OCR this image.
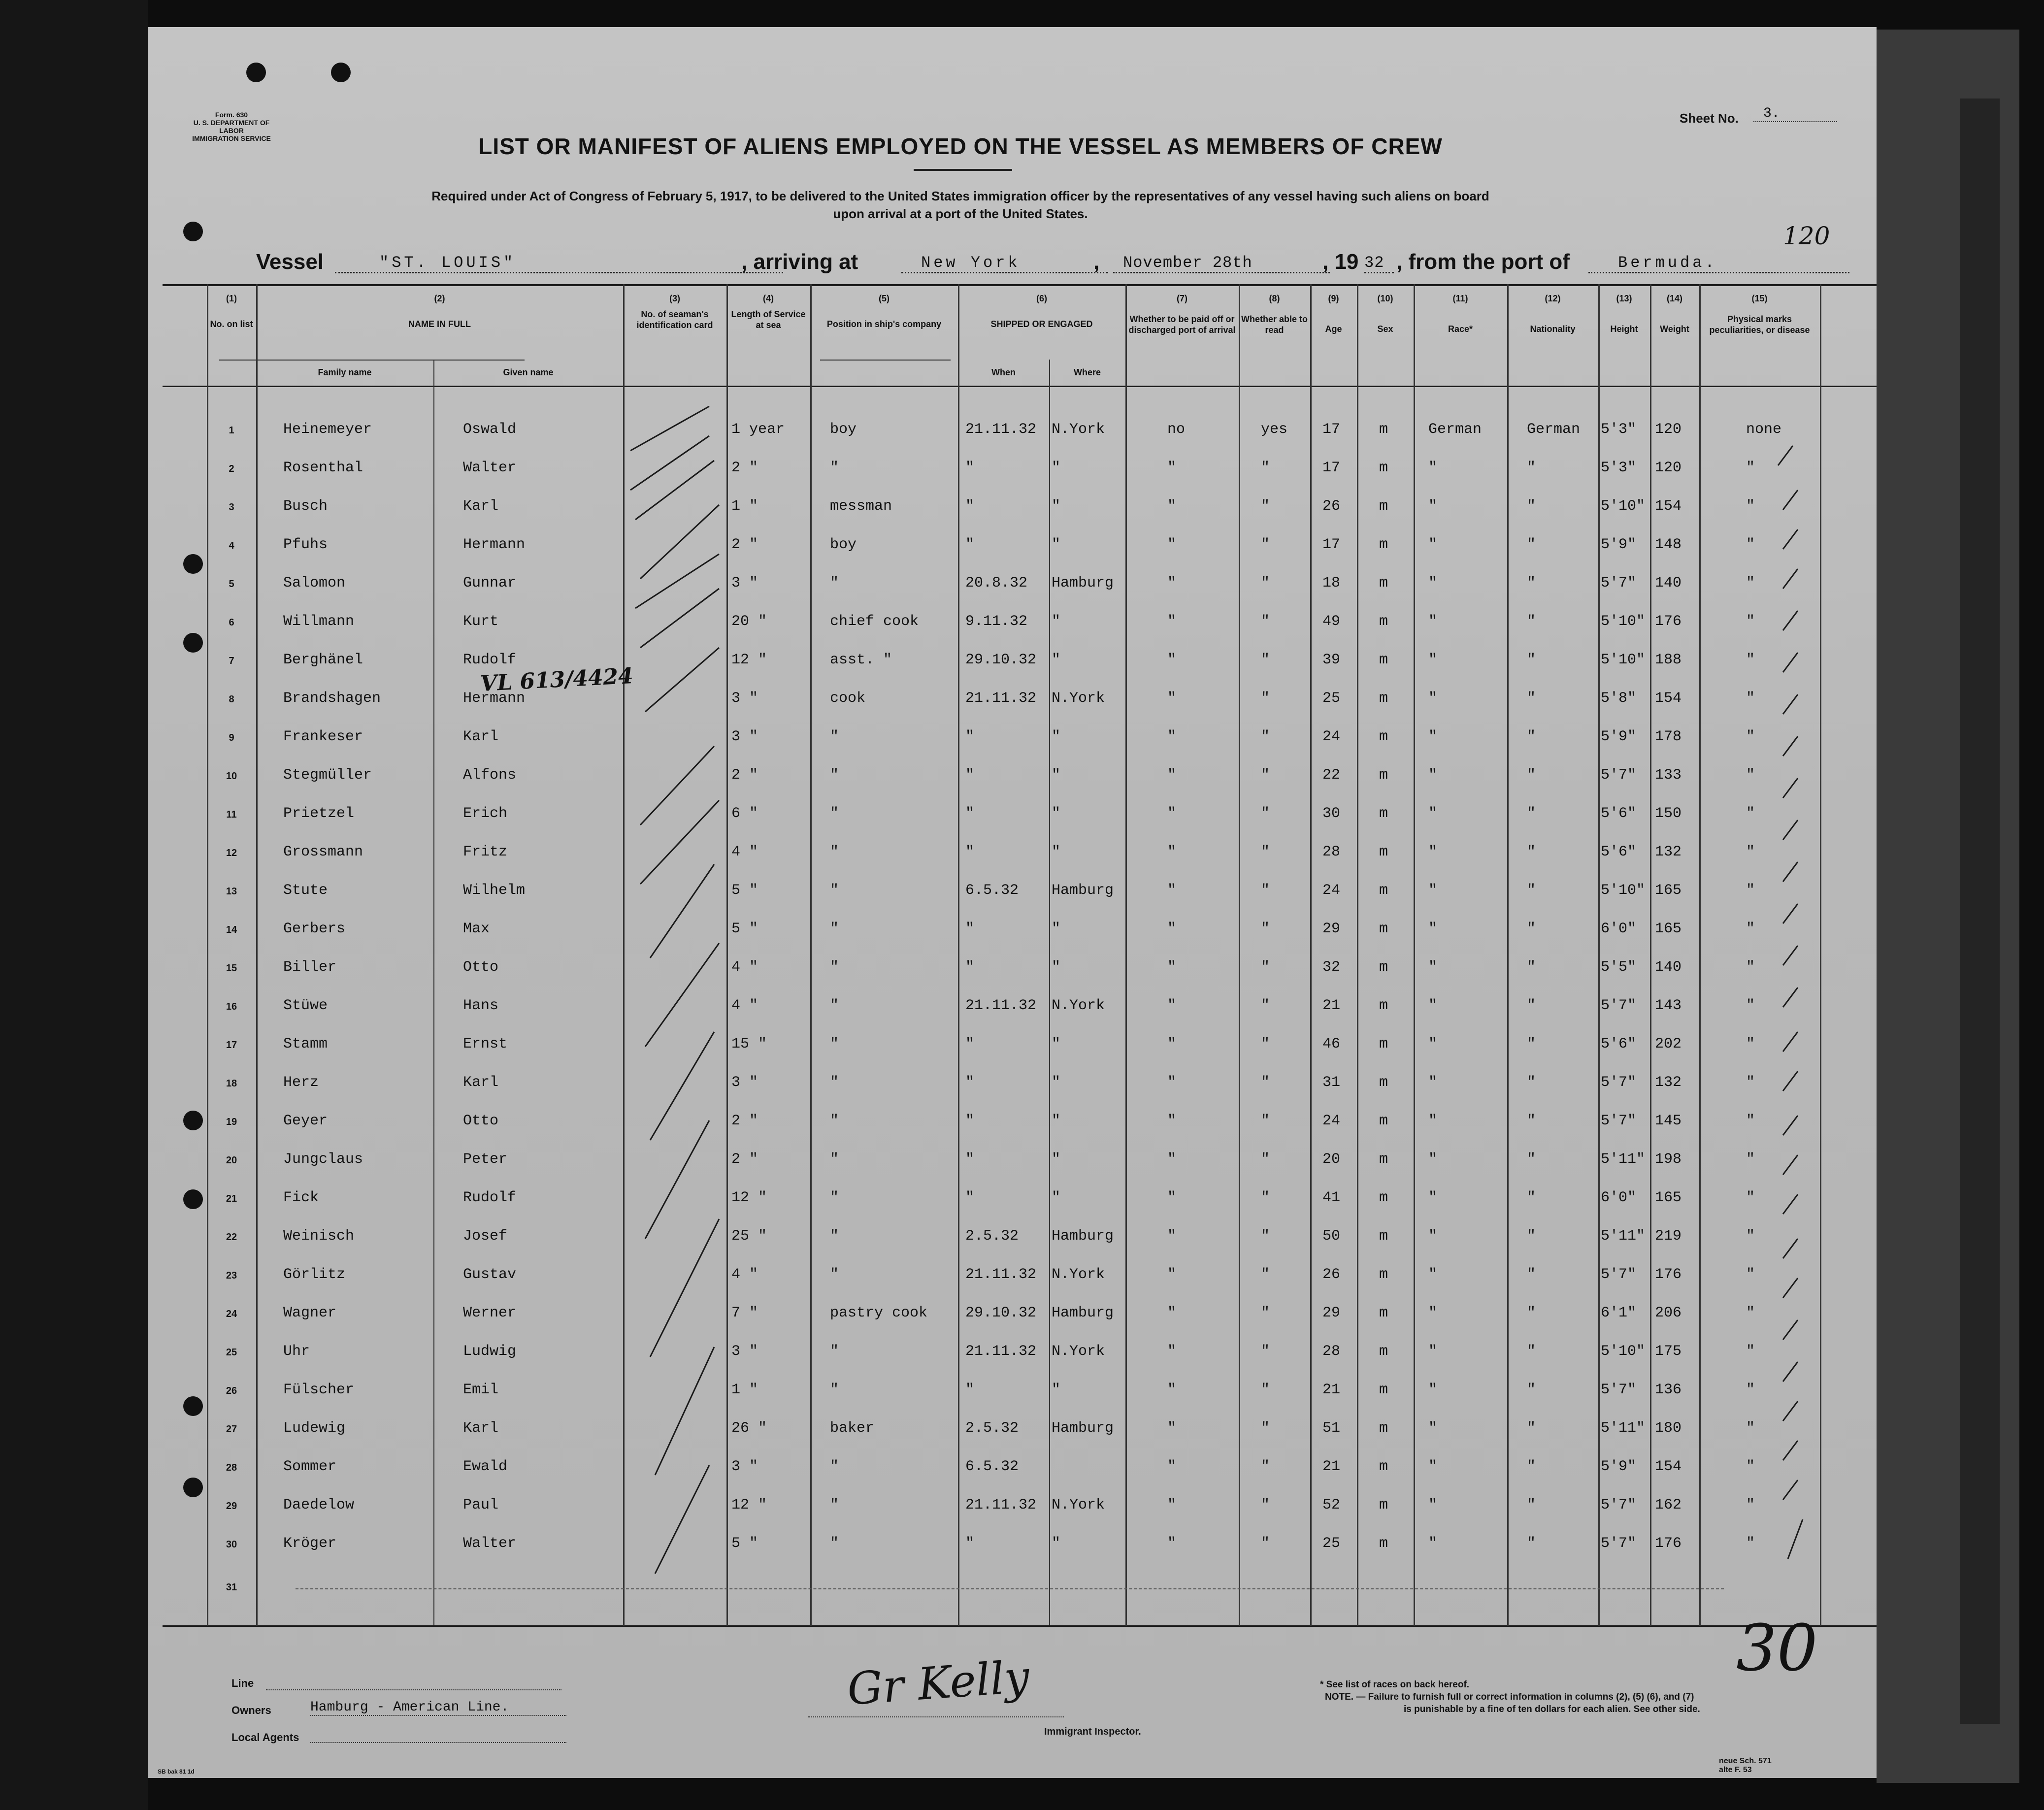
Form. 630
U. S. DEPARTMENT OF LABOR
IMMIGRATION SERVICE
Sheet No.	3.
LIST OR MANIFEST OF ALIENS EMPLOYED ON THE VESSEL AS MEMBERS OF CREW
Required under Act of Congress of February 5, 1917, to be delivered to the United States immigration officer by the representatives of any vessel having such aliens on board
upon arrival at a port of the United States.
120
Vessel	"ST. LOUIS"	, arriving at	New York	,	November 28th	, 19 32 , from the port of	Bermuda.
(1)
No. on list
(2)
NAME IN FULL
Family name	Given name
(3)
No. of seaman's identification card
(4)
Length of Service at sea
(5)
Position in ship's company
(6)
SHIPPED OR ENGAGED
When	Where
(7)
Whether to be paid off or discharged port of arrival
(8)
Whether able to read
(9)
Age
(10)
Sex
(11)
Race*
(12)
Nationality
(13)
Height
(14)
Weight
(15)
Physical marks peculiarities, or disease
1	Heinemeyer	Oswald	1 year	boy	21.11.32 N.York	no	yes 17	m	German	German 5'3" 120	none
2	Rosenthal	Walter	2 "	"	"	"	"	"	17	m	"	"	5'3" 120	"
3	Busch	Karl	1 "	messman	"	"	"	"	26	m	"	"	5'10" 154	"
4	Pfuhs	Hermann	2 "	boy	"	"	"	"	17	m	"	"	5'9" 148	"
5	Salomon	Gunnar	3 "	"	20.8.32 Hamburg	"	"	18	m	"	"	5'7" 140	"
6	Willmann	Kurt	20 "	chief cook	9.11.32 "	"	"	49	m	"	"	5'10" 176	"
7	Berghänel	Rudolf	12 "	asst. "	29.10.32 "	"	"	39	m	"	"	5'10" 188	"
8	Brandshagen	Hermann	3 "	cook	21.11.32 N.York	"	"	25	m	"	"	5'8" 154	"
9	Frankeser	Karl	3 "	"	"	"	"	"	24	m	"	"	5'9" 178	"
10	Stegmüller	Alfons	2 "	"	"	"	"	"	22	m	"	"	5'7" 133	"
11	Prietzel	Erich	6 "	"	"	"	"	"	30	m	"	"	5'6" 150	"
12	Grossmann	Fritz	4 "	"	"	"	"	"	28	m	"	"	5'6" 132	"
13	Stute	Wilhelm	5 "	"	6.5.32 Hamburg	"	"	24	m	"	"	5'10" 165	"
14	Gerbers	Max	5 "	"	"	"	"	"	29	m	"	"	6'0" 165	"
15	Biller	Otto	4 "	"	"	"	"	"	32	m	"	"	5'5" 140	"
16	Stüwe	Hans	4 "	"	21.11.32 N.York	"	"	21	m	"	"	5'7" 143	"
17	Stamm	Ernst	15 "	"	"	"	"	"	46	m	"	"	5'6" 202	"
18	Herz	Karl	3 "	"	"	"	"	"	31	m	"	"	5'7" 132	"
19	Geyer	Otto	2 "	"	"	"	"	"	24	m	"	"	5'7" 145	"
20	Jungclaus	Peter	2 "	"	"	"	"	"	20	m	"	"	5'11" 198	"
21	Fick	Rudolf	12 "	"	"	"	"	"	41	m	"	"	6'0" 165	"
22	Weinisch	Josef	25 "	"	2.5.32 Hamburg	"	"	50	m	"	"	5'11" 219	"
23	Görlitz	Gustav	4 "	"	21.11.32 N.York	"	"	26	m	"	"	5'7" 176	"
24	Wagner	Werner	7 "	pastry cook	29.10.32 Hamburg	"	"	29	m	"	"	6'1" 206	"
25	Uhr	Ludwig	3 "	"	21.11.32 N.York	"	"	28	m	"	"	5'10" 175	"
26	Fülscher	Emil	1 "	"	"	"	"	"	21	m	"	"	5'7" 136	"
27	Ludewig	Karl	26 "	baker	2.5.32 Hamburg	"	"	51	m	"	"	5'11" 180	"
28	Sommer	Ewald	3 "	"	6.5.32	"	"	21	m	"	"	5'9" 154	"
29	Daedelow	Paul	12 "	"	21.11.32 N.York	"	"	52	m	"	"	5'7" 162	"
30	Kröger	Walter	5 "	"	"	"	"	"	25	m	"	"	5'7" 176	"
31
VL 613/4424
Line
Owners	Hamburg - American Line.
Local Agents
Gr Kelly
Immigrant Inspector.
30
* See list of races on back hereof.
NOTE. — Failure to furnish full or correct information in columns (2), (5) (6), and (7)
is punishable by a fine of ten dollars for each alien. See other side.
SB bak 81 1d
neue Sch. 571
alte F. 53
